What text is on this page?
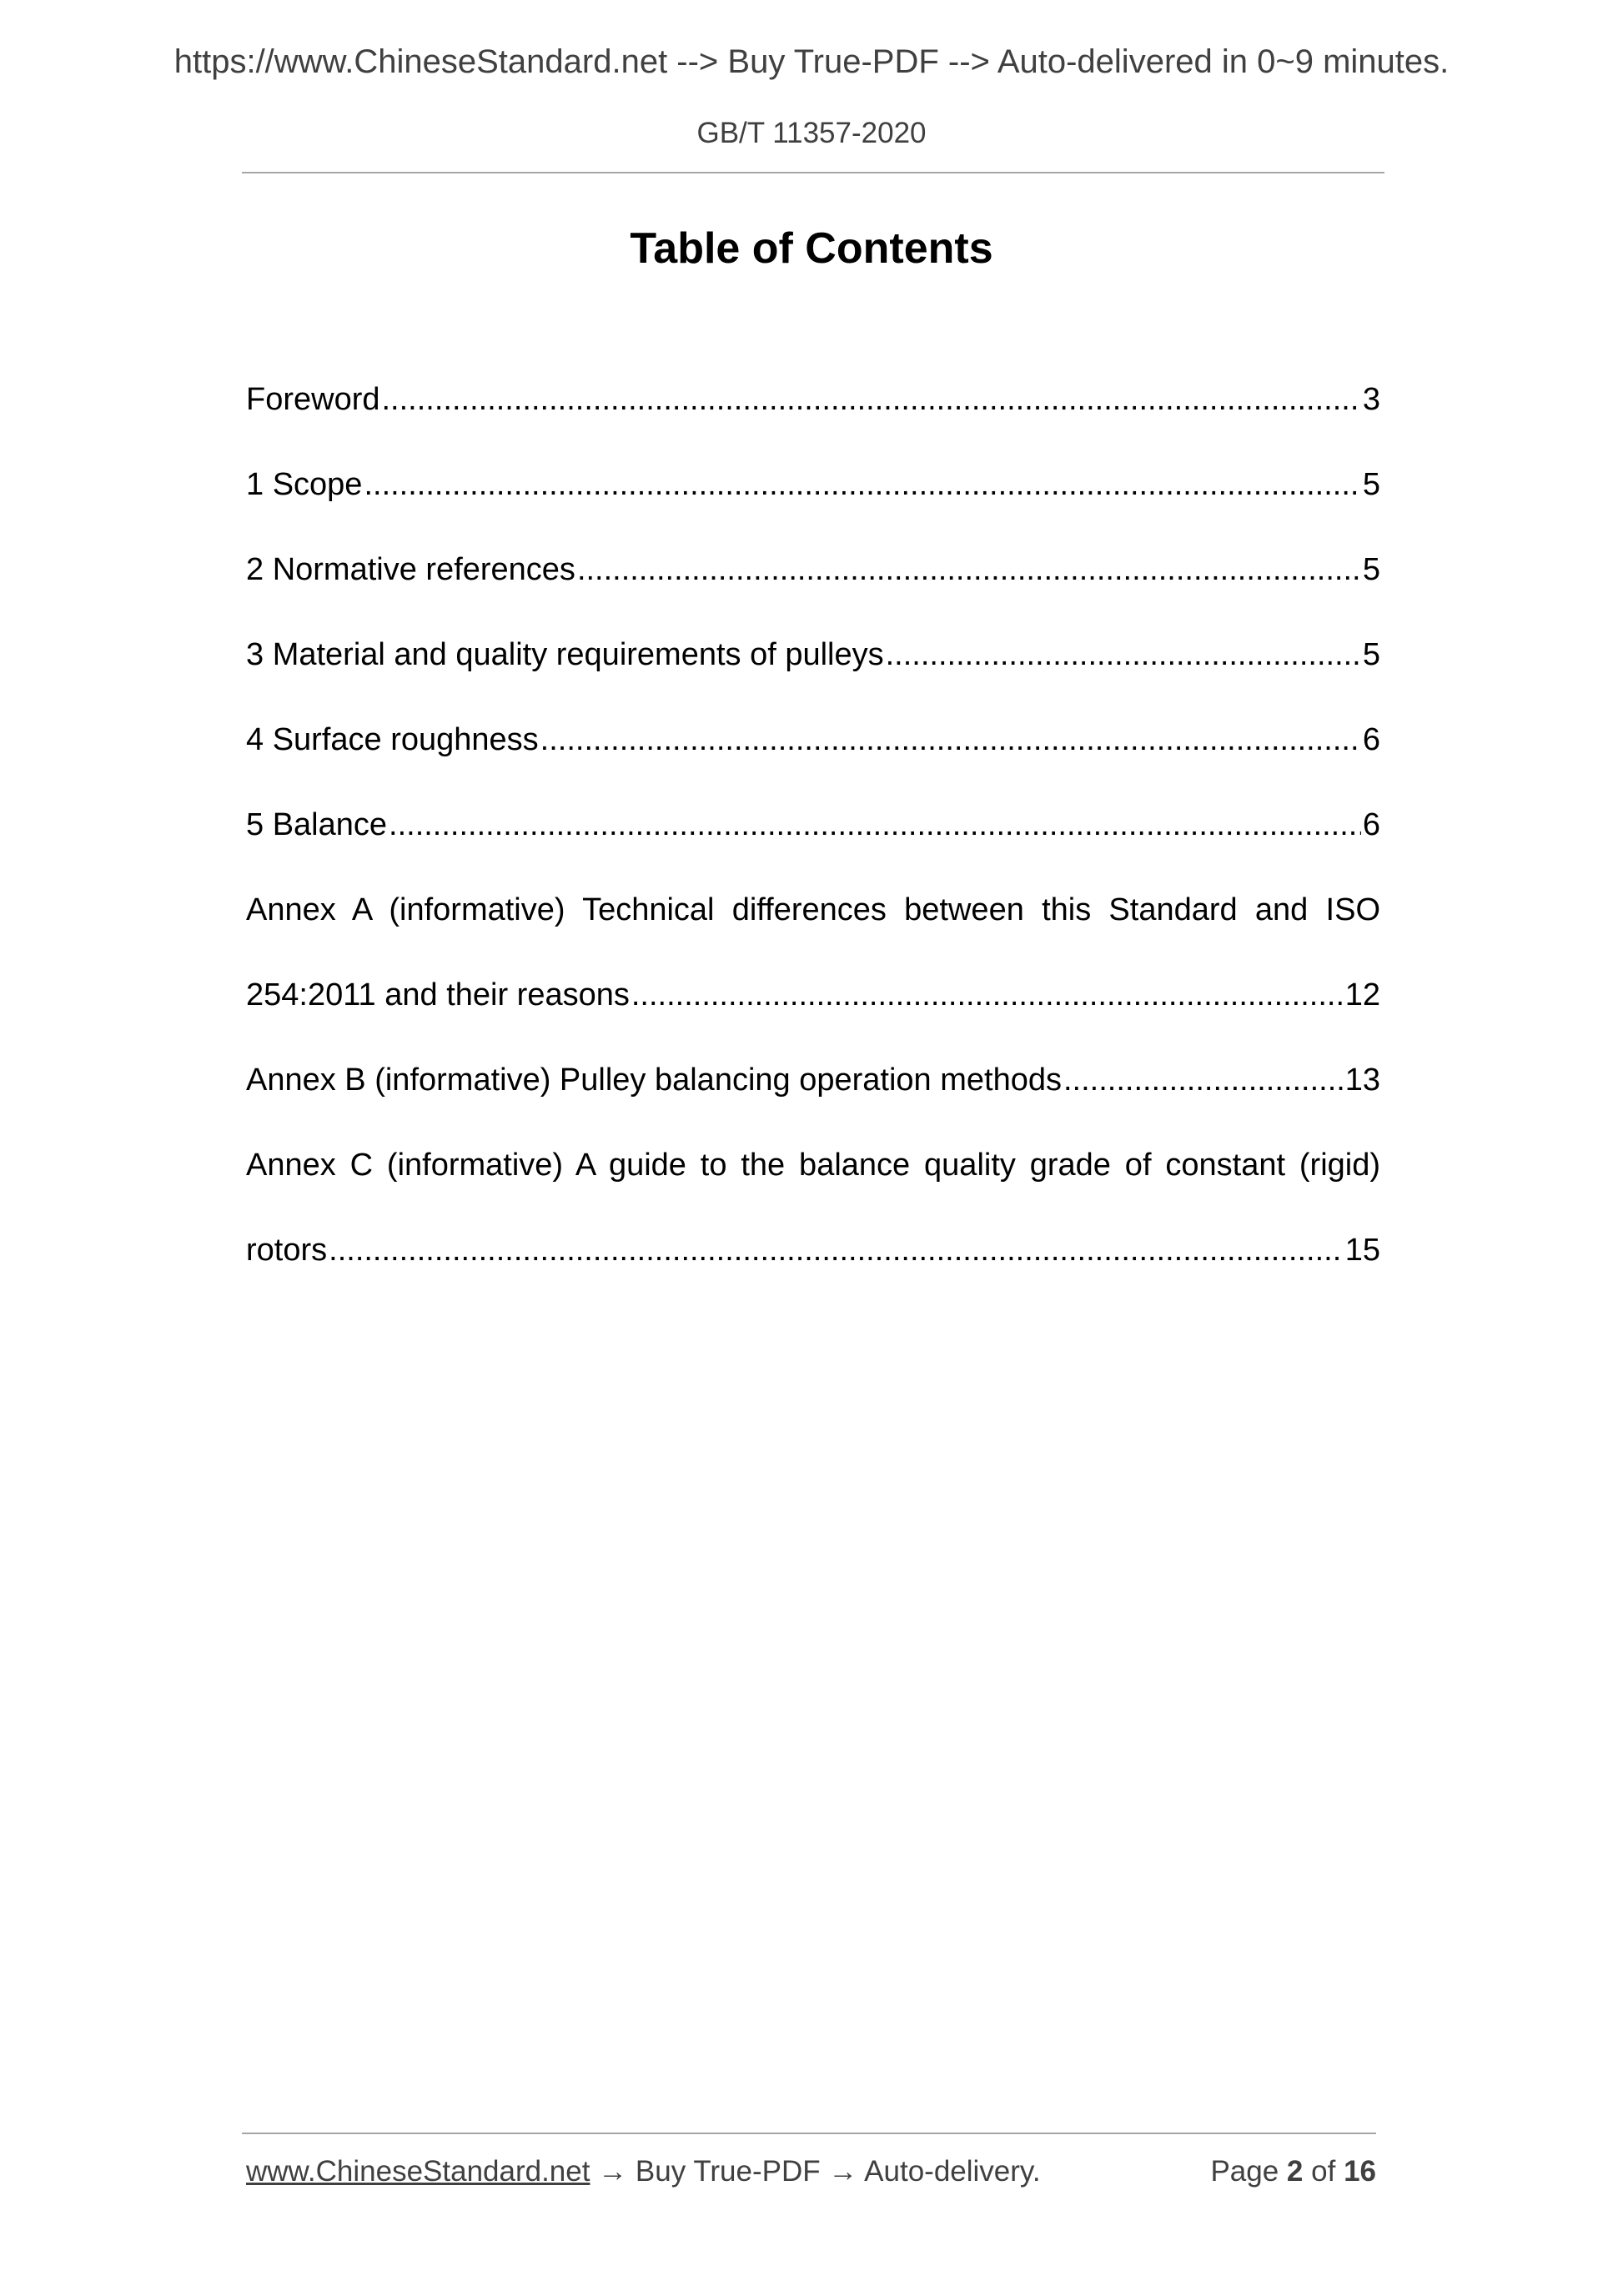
https://www.ChineseStandard.net --> Buy True-PDF --> Auto-delivered in 0~9 minutes.
GB/T 11357-2020
Table of Contents
Foreword .....	3
1 Scope .....	5
2 Normative references .....	5
3 Material and quality requirements of pulleys .....	5
4 Surface roughness .....	6
5 Balance .....	6
Annex A (informative) Technical differences between this Standard and ISO
254:2011 and their reasons .....	12
Annex B (informative) Pulley balancing operation methods .....	13
Annex C (informative) A guide to the balance quality grade of constant (rigid)
rotors .....	15
www.ChineseStandard.net → Buy True-PDF → Auto-delivery.	Page 2 of 16
